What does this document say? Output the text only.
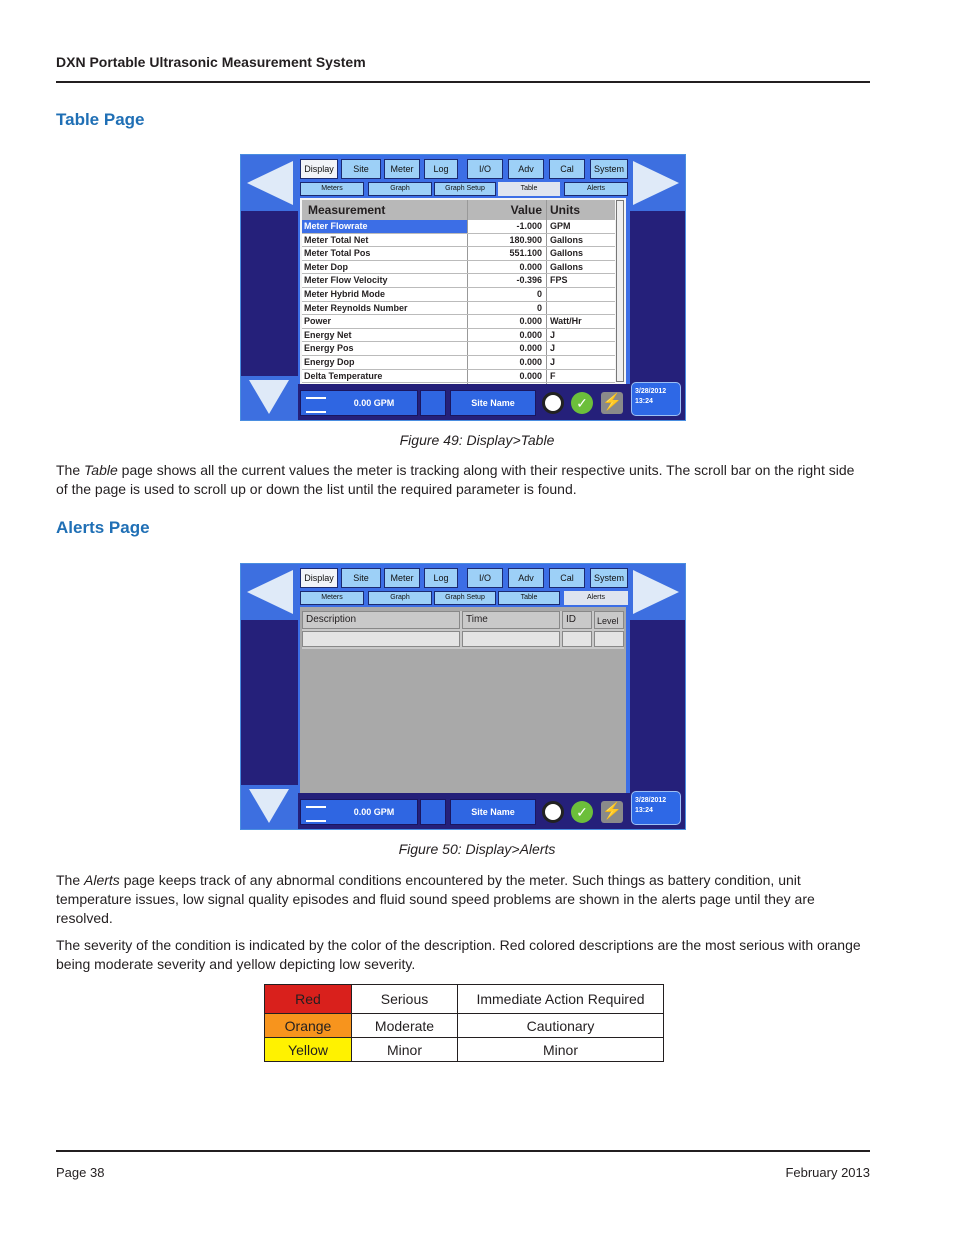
DXN Portable Ultrasonic Measurement System
Table Page
3/28/2012
13:24
Display	Site	Meter	Log	I/O	Adv	Cal	System
Meters	Graph	Graph Setup	Table	Alerts
Measurement	Value Units
Meter Flowrate	-1.000 GPM
Meter Total Net	180.900 Gallons
Meter Total Pos	551.100 Gallons
Meter Dop	0.000 Gallons
Meter Flow Velocity	-0.396 FPS
Meter Hybrid Mode	0
Meter Reynolds Number	0
Power	0.000 Watt/Hr
Energy Net	0.000 J
Energy Pos	0.000 J
Energy Dop	0.000 J
Delta Temperature	0.000 F
0.00 GPM	Site Name	✓ ⚡
Figure 49: Display>Table

The Table page shows all the current values the meter is tracking along with their respective units. The scroll bar on the right side of the page is used to scroll up or down the list until the required parameter is found.

Alerts Page
3/28/2012
13:24
Display	Site	Meter	Log	I/O	Adv	Cal	System
Meters	Graph	Graph Setup	Table	Alerts
Description	Time	ID	Level
0.00 GPM	Site Name	✓ ⚡
Figure 50: Display>Alerts

The Alerts page keeps track of any abnormal conditions encountered by the meter. Such things as battery condition, unit temperature issues, low signal quality episodes and fluid sound speed problems are shown in the alerts page until they are resolved.

The severity of the condition is indicated by the color of the description. Red colored descriptions are the most serious with orange being moderate severity and yellow depicting low severity.

Red	Serious	Immediate Action Required
Orange	Moderate	Cautionary
Yellow	Minor	Minor
Page 38	February 2013
